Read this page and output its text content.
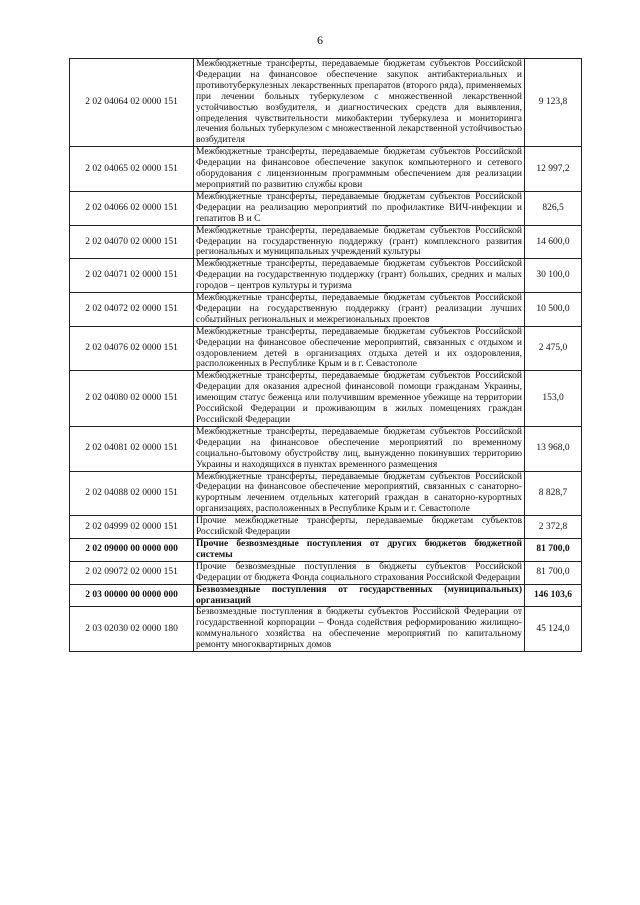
6
2 02 04064 02 0000 151	Межбюджетные трансферты, передаваемые бюджетам субъектов Российской Федерации на финансовое обеспечение закупок антибактериальных и противотуберкулезных лекарственных препаратов (второго ряда), применяемых при лечении больных туберкулезом с множественной лекарственной устойчивостью возбудителя, и диагностических средств для выявления, определения чувствительности микобактерии туберкулеза и мониторинга лечения больных туберкулезом с множественной лекарственной устойчивостью возбудителя	9 123,8
2 02 04065 02 0000 151	Межбюджетные трансферты, передаваемые бюджетам субъектов Российской Федерации на финансовое обеспечение закупок компьютерного и сетевого оборудования с лицензионным программным обеспечением для реализации мероприятий по развитию службы крови	12 997,2
2 02 04066 02 0000 151	Межбюджетные трансферты, передаваемые бюджетам субъектов Российской Федерации на реализацию мероприятий по профилактике ВИЧ-инфекции и гепатитов B и C	826,5
2 02 04070 02 0000 151	Межбюджетные трансферты, передаваемые бюджетам субъектов Российской Федерации на государственную поддержку (грант) комплексного развития региональных и муниципальных учреждений культуры	14 600,0
2 02 04071 02 0000 151	Межбюджетные трансферты, передаваемые бюджетам субъектов Российской Федерации на государственную поддержку (грант) больших, средних и малых городов – центров культуры и туризма	30 100,0
2 02 04072 02 0000 151	Межбюджетные трансферты, передаваемые бюджетам субъектов Российской Федерации на государственную поддержку (грант) реализации лучших событийных региональных и межрегиональных проектов	10 500,0
2 02 04076 02 0000 151	Межбюджетные трансферты, передаваемые бюджетам субъектов Российской Федерации на финансовое обеспечение мероприятий, связанных с отдыхом и оздоровлением детей в организациях отдыха детей и их оздоровления, расположенных в Республике Крым и в г. Севастополе	2 475,0
2 02 04080 02 0000 151	Межбюджетные трансферты, передаваемые бюджетам субъектов Российской Федерации для оказания адресной финансовой помощи гражданам Украины, имеющим статус беженца или получившим временное убежище на территории Российской Федерации и проживающим в жилых помещениях граждан Российской Федерации	153,0
2 02 04081 02 0000 151	Межбюджетные трансферты, передаваемые бюджетам субъектов Российской Федерации на финансовое обеспечение мероприятий по временному социально-бытовому обустройству лиц, вынужденно покинувших территорию Украины и находящихся в пунктах временного размещения	13 968,0
2 02 04088 02 0000 151	Межбюджетные трансферты, передаваемые бюджетам субъектов Российской Федерации на финансовое обеспечение мероприятий, связанных с санаторно-курортным лечением отдельных категорий граждан в санаторно-курортных организациях, расположенных в Республике Крым и г. Севастополе	8 828,7
2 02 04999 02 0000 151	Прочие межбюджетные трансферты, передаваемые бюджетам субъектов Российской Федерации	2 372,8
2 02 09000 00 0000 000	Прочие безвозмездные поступления от других бюджетов бюджетной системы	81 700,0
2 02 09072 02 0000 151	Прочие безвозмездные поступления в бюджеты субъектов Российской Федерации от бюджета Фонда социального страхования Российской Федерации	81 700,0
2 03 00000 00 0000 000	Безвозмездные поступления от государственных (муниципальных) организаций	146 103,6
2 03 02030 02 0000 180	Безвозмездные поступления в бюджеты субъектов Российской Федерации от государственной корпорации – Фонда содействия реформированию жилищно-коммунального хозяйства на обеспечение мероприятий по капитальному ремонту многоквартирных домов	45 124,0
